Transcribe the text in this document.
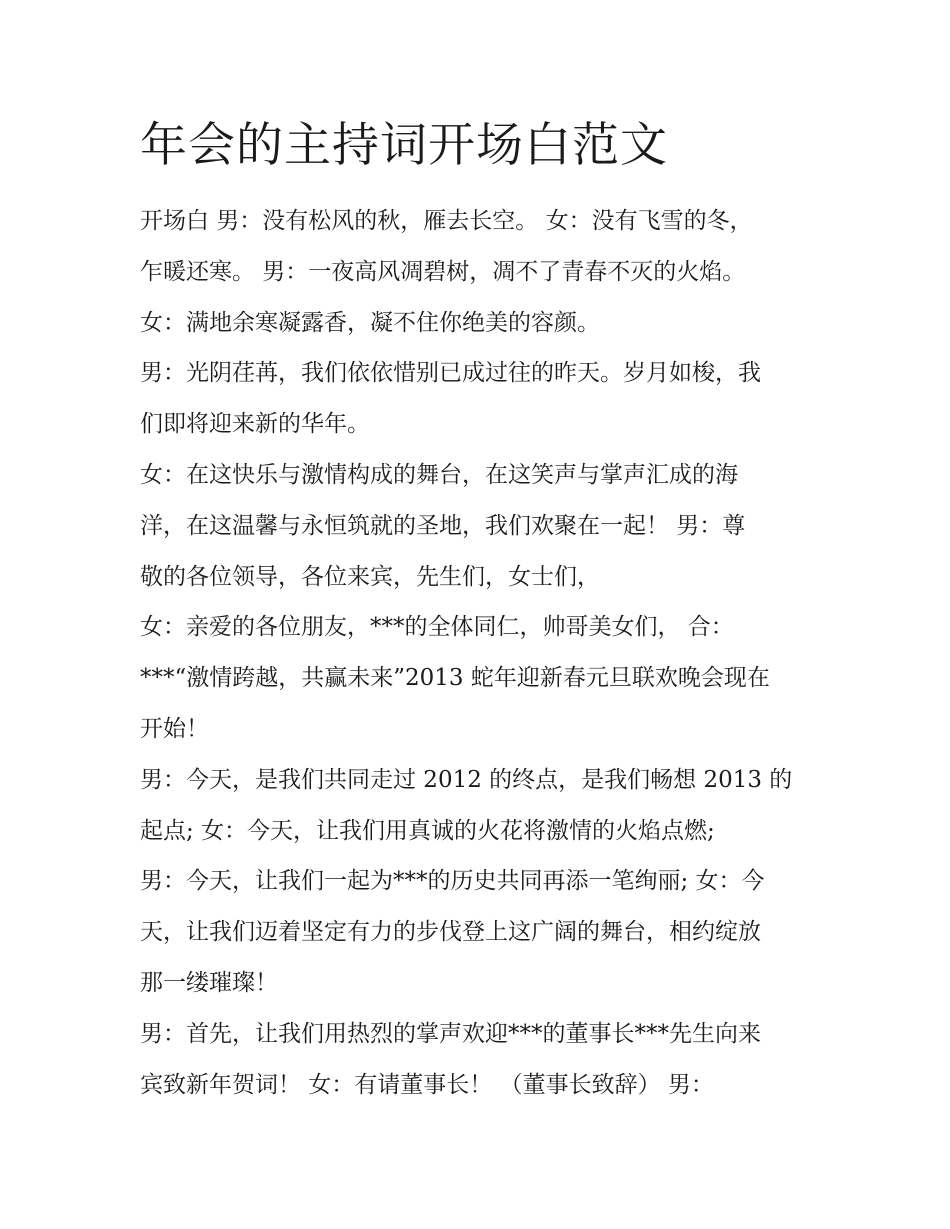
年会的主持词开场白范文
开场白 男：没有松风的秋，雁去长空。 女：没有飞雪的冬，
乍暖还寒。 男：一夜高风凋碧树，凋不了青春不灭的火焰。
女：满地余寒凝露香，凝不住你绝美的容颜。
男：光阴荏苒，我们依依惜别已成过往的昨天。岁月如梭，我
们即将迎来新的华年。
女：在这快乐与激情构成的舞台，在这笑声与掌声汇成的海
洋，在这温馨与永恒筑就的圣地，我们欢聚在一起！ 男：尊
敬的各位领导，各位来宾，先生们，女士们，
女：亲爱的各位朋友，***的全体同仁，帅哥美女们， 合：
***“激情跨越，共赢未来”2013 蛇年迎新春元旦联欢晚会现在
开始！
男：今天，是我们共同走过 2012 的终点，是我们畅想 2013 的
起点; 女：今天，让我们用真诚的火花将激情的火焰点燃;
男：今天，让我们一起为***的历史共同再添一笔绚丽; 女：今
天，让我们迈着坚定有力的步伐登上这广阔的舞台，相约绽放
那一缕璀璨！
男：首先，让我们用热烈的掌声欢迎***的董事长***先生向来
宾致新年贺词！ 女：有请董事长！ （董事长致辞） 男：
